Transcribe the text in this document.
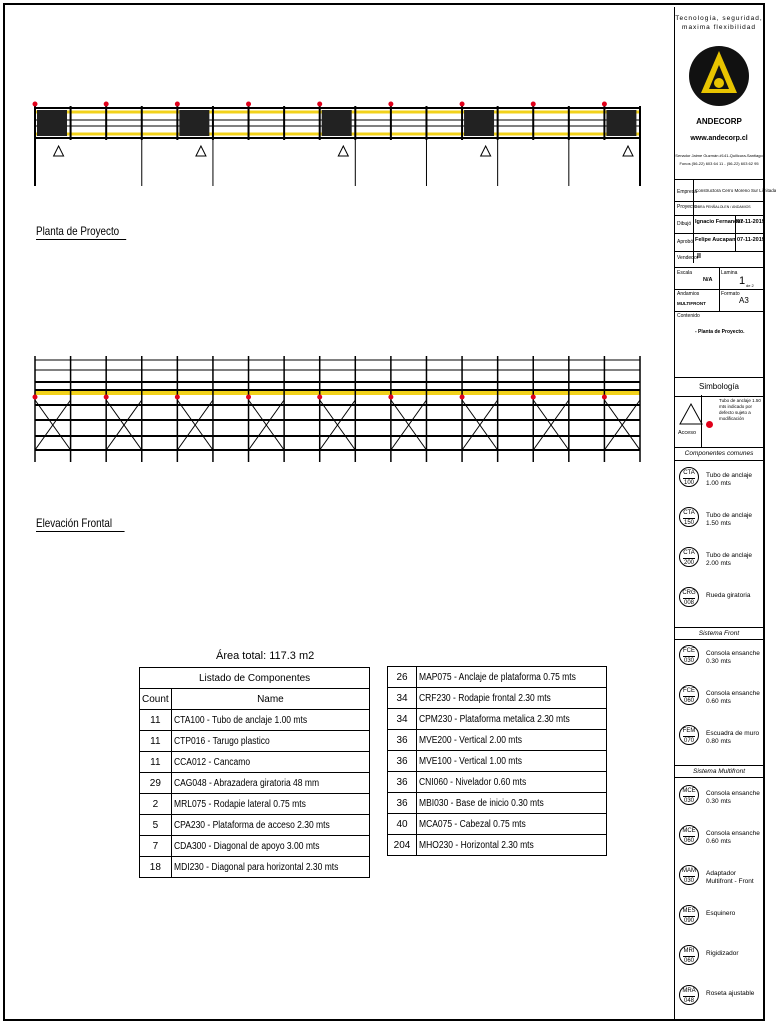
Planta de Proyecto
Elevación Frontal
Área total: 117.3 m2
Listado de Componentes	
Count	Name
11	CTA100 - Tubo de anclaje 1.00 mts
11	CTP016 - Tarugo plastico
11	CCA012 - Cancamo
29	CAG048 - Abrazadera giratoria 48 mm
2	MRL075 - Rodapie lateral 0.75 mts
5	CPA230 - Plataforma de acceso 2.30 mts
7	CDA300 - Diagonal de apoyo 3.00 mts
18	MDI230 - Diagonal para horizontal 2.30 mts
26	MAP075 - Anclaje de plataforma 0.75 mts
34	CRF230 - Rodapie frontal 2.30 mts
34	CPM230 - Plataforma metalica 2.30 mts
36	MVE200 - Vertical 2.00 mts
36	MVE100 - Vertical 1.00 mts
36	CNI060 - Nivelador 0.60 mts
36	MBI030 - Base de inicio 0.30 mts
40	MCA075 - Cabezal 0.75 mts
204	MHO230 - Horizontal 2.30 mts
Tecnología, seguridad,
maxima flexibilidad
ANDECORP
www.andecorp.cl
Senador Jaime Guzmán #141-Quilicura-Santiago
Fonos (56-22) 603 64 11 - (56-22) 603 62 95
Empresa
Constructora Cerro Moreno Sur Limitada
Proyecto
OBRA PENÑALOLEN / ANDAMIOS
Dibujó Ignacio Fernandez
07-11-2019
Aprobó Felipe Aucapan 07-11-2019
Vendedor
II
Escala
N/A
Lamina
1 de 2
Andamios
MULTIFRONT
Formato
A3
Contenido
- Planta de Proyecto.
Simbología
Acceso
Tubo de anclaje 1.50 mts indicado por defecto sujeto a modificación
Componentes comunes
Sistema Front
Sistema Multifront
CTA
100
Tubo de anclaje 1.00 mts
CTA
150
Tubo de anclaje 1.50 mts
CTA
200
Tubo de anclaje 2.00 mts
CRG
008
Rueda giratoria
FCE
030
Consola ensanche 0.30 mts
FCE
060
Consola ensanche 0.60 mts
FEM
070
Escuadra de muro 0.80 mts
MCE
030
Consola ensanche 0.30 mts
MCE
060
Consola ensanche 0.60 mts
MAM
030
Adaptador Multifront - Front
MES
090
Esquinero
MRI
060
Rigidizador
MRA
048
Roseta ajustable
